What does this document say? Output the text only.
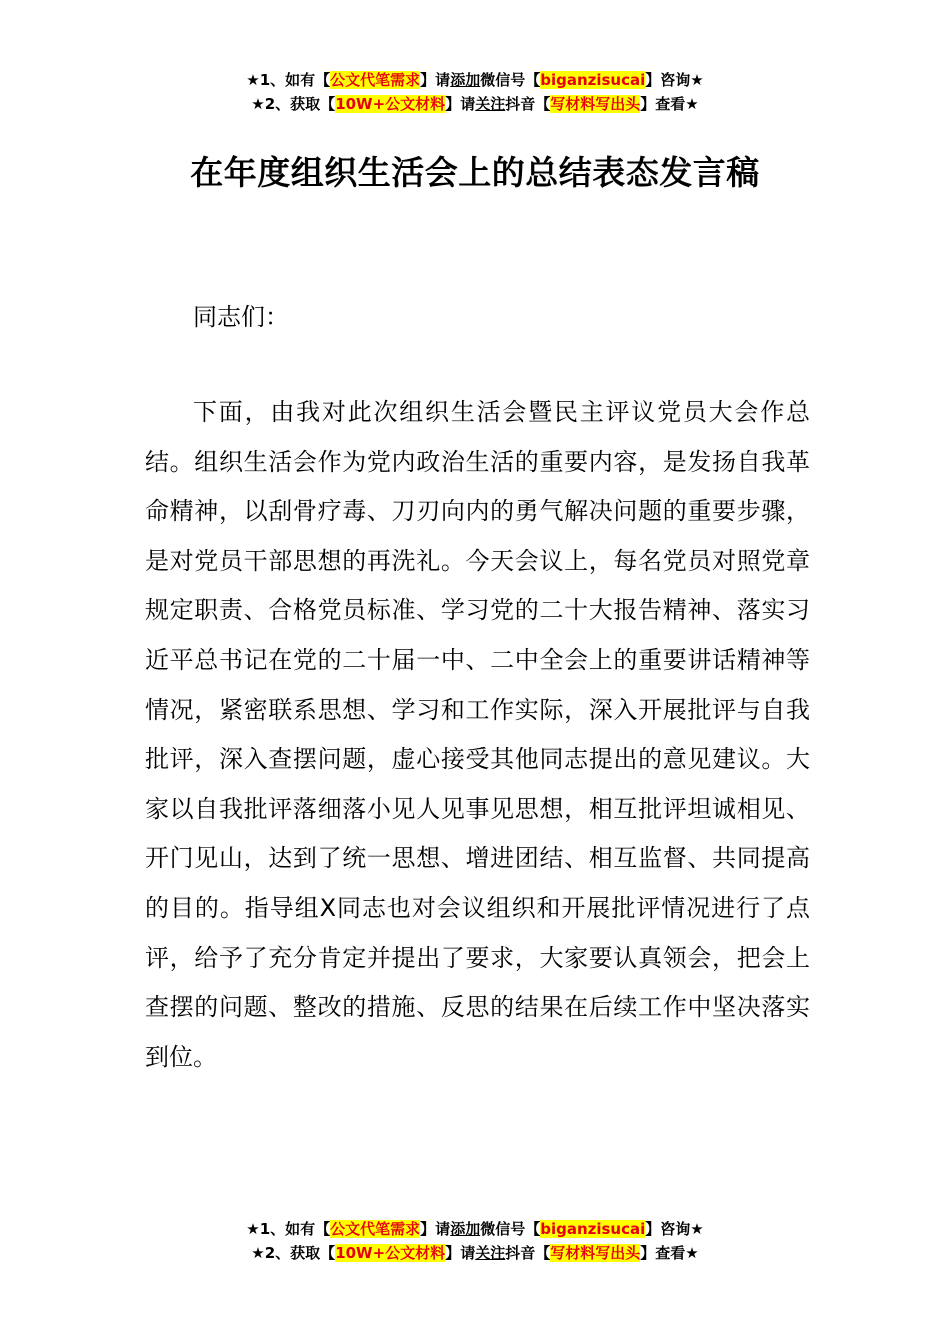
★1、如有【公文代笔需求】请添加微信号【biganzisucai】咨询★
★2、获取【10W+公文材料】请关注抖音【写材料写出头】查看★
在年度组织生活会上的总结表态发言稿
同志们：

下面，由我对此次组织生活会暨民主评议党员大会作总结。组织生活会作为党内政治生活的重要内容，是发扬自我革命精神，以刮骨疗毒、刀刃向内的勇气解决问题的重要步骤，是对党员干部思想的再洗礼。今天会议上，每名党员对照党章规定职责、合格党员标准、学习党的二十大报告精神、落实习近平总书记在党的二十届一中、二中全会上的重要讲话精神等情况，紧密联系思想、学习和工作实际，深入开展批评与自我批评，深入查摆问题，虚心接受其他同志提出的意见建议。大家以自我批评落细落小见人见事见思想，相互批评坦诚相见、开门见山，达到了统一思想、增进团结、相互监督、共同提高的目的。指导组X同志也对会议组织和开展批评情况进行了点评，给予了充分肯定并提出了要求，大家要认真领会，把会上查摆的问题、整改的措施、反思的结果在后续工作中坚决落实到位。

★1、如有【公文代笔需求】请添加微信号【biganzisucai】咨询★
★2、获取【10W+公文材料】请关注抖音【写材料写出头】查看★
